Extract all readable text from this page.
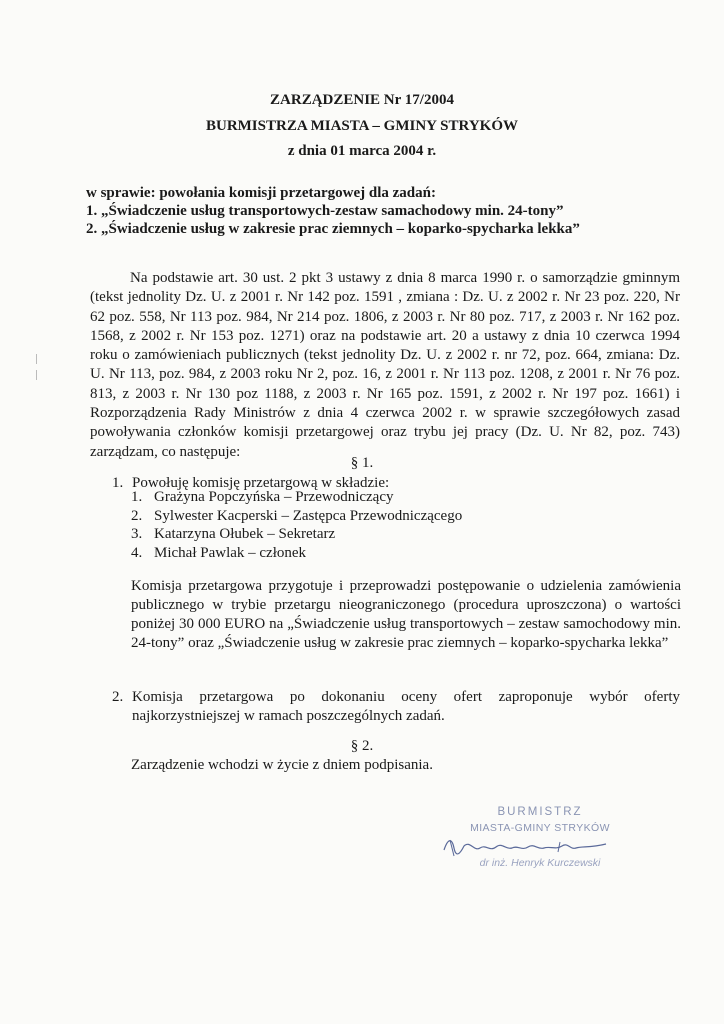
ZARZĄDZENIE Nr 17/2004
BURMISTRZA MIASTA – GMINY STRYKÓW
z dnia 01 marca 2004 r.
w sprawie: powołania komisji przetargowej dla zadań:
1. „Świadczenie usług transportowych-zestaw samachodowy min. 24-tony”
2. „Świadczenie usług w zakresie prac ziemnych – koparko-spycharka lekka”
Na podstawie art. 30 ust. 2 pkt 3 ustawy z dnia 8 marca 1990 r. o samorządzie gminnym (tekst jednolity Dz. U. z 2001 r. Nr 142 poz. 1591 , zmiana : Dz. U. z 2002 r. Nr 23 poz. 220, Nr 62 poz. 558, Nr 113 poz. 984, Nr 214 poz. 1806, z 2003 r. Nr 80 poz. 717, z 2003 r. Nr 162 poz. 1568, z 2002 r. Nr 153 poz. 1271) oraz na podstawie art. 20 a ustawy z dnia 10 czerwca 1994 roku o zamówieniach publicznych (tekst jednolity Dz. U. z 2002 r. nr 72, poz. 664, zmiana: Dz. U. Nr 113, poz. 984, z 2003 roku Nr 2, poz. 16, z 2001 r. Nr 113 poz. 1208, z 2001 r. Nr 76 poz. 813, z 2003 r. Nr 130 poz 1188, z 2003 r. Nr 165 poz. 1591, z 2002 r. Nr 197 poz. 1661) i Rozporządzenia Rady Ministrów z dnia 4 czerwca 2002 r. w sprawie szczegółowych zasad powoływania członków komisji przetargowej oraz trybu jej pracy (Dz. U. Nr 82, poz. 743) zarządzam, co następuje:
§ 1.
1. Powołuję komisję przetargową w składzie:
1. Grażyna Popczyńska – Przewodniczący
2. Sylwester Kacperski – Zastępca Przewodniczącego
3. Katarzyna Ołubek – Sekretarz
4. Michał Pawlak – członek
Komisja przetargowa przygotuje i przeprowadzi postępowanie o udzielenia zamówienia publicznego w trybie przetargu nieograniczonego (procedura uproszczona) o wartości poniżej 30 000 EURO na „Świadczenie usług transportowych – zestaw samochodowy min. 24-tony” oraz „Świadczenie usług w zakresie prac ziemnych – koparko-spycharka lekka”
2. Komisja przetargowa po dokonaniu oceny ofert zaproponuje wybór oferty najkorzystniejszej w ramach poszczególnych zadań.
§ 2.
Zarządzenie wchodzi w życie z dniem podpisania.
BURMISTRZ
MIASTA-GMINY STRYKÓW
dr inż. Henryk Kurczewski
